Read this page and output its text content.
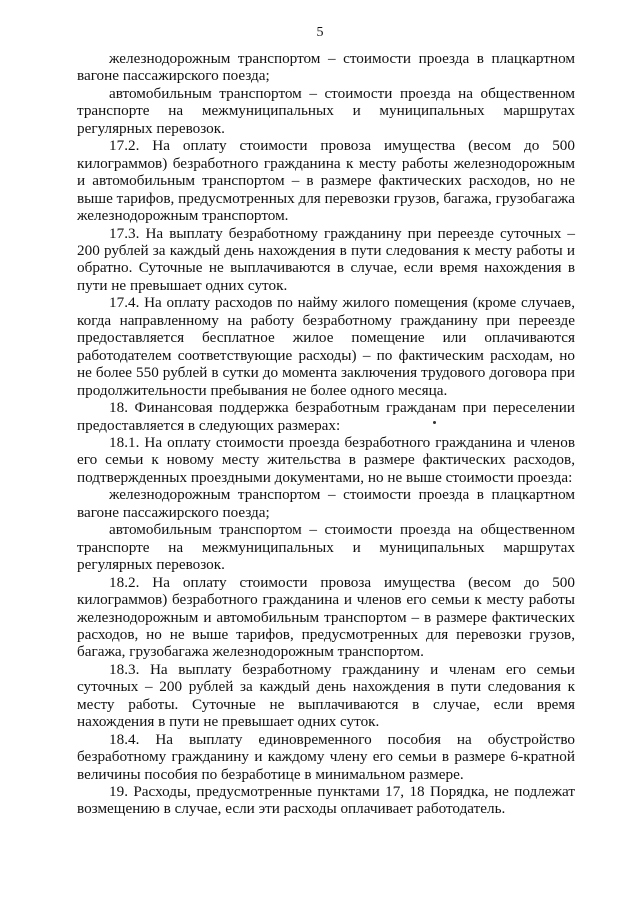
5

железнодорожным транспортом – стоимости проезда в плацкартном вагоне пассажирского поезда;

автомобильным транспортом – стоимости проезда на общественном транспорте на межмуниципальных и муниципальных маршрутах регулярных перевозок.

17.2. На оплату стоимости провоза имущества (весом до 500 килограммов) безработного гражданина к месту работы железнодорожным и автомобильным транспортом – в размере фактических расходов, но не выше тарифов, предусмотренных для перевозки грузов, багажа, грузобагажа железнодорожным транспортом.

17.3. На выплату безработному гражданину при переезде суточных – 200 рублей за каждый день нахождения в пути следования к месту работы и обратно. Суточные не выплачиваются в случае, если время нахождения в пути не превышает одних суток.

17.4. На оплату расходов по найму жилого помещения (кроме случаев, когда направленному на работу безработному гражданину при переезде предоставляется бесплатное жилое помещение или оплачиваются работодателем соответствующие расходы) – по фактическим расходам, но не более 550 рублей в сутки до момента заключения трудового договора при продолжительности пребывания не более одного месяца.

18. Финансовая поддержка безработным гражданам при переселении предоставляется в следующих размерах:

18.1. На оплату стоимости проезда безработного гражданина и членов его семьи к новому месту жительства в размере фактических расходов, подтвержденных проездными документами, но не выше стоимости проезда:

железнодорожным транспортом – стоимости проезда в плацкартном вагоне пассажирского поезда;

автомобильным транспортом – стоимости проезда на общественном транспорте на межмуниципальных и муниципальных маршрутах регулярных перевозок.

18.2. На оплату стоимости провоза имущества (весом до 500 килограммов) безработного гражданина и членов его семьи к месту работы железнодорожным и автомобильным транспортом – в размере фактических расходов, но не выше тарифов, предусмотренных для перевозки грузов, багажа, грузобагажа железнодорожным транспортом.

18.3. На выплату безработному гражданину и членам его семьи суточных – 200 рублей за каждый день нахождения в пути следования к месту работы. Суточные не выплачиваются в случае, если время нахождения в пути не превышает одних суток.

18.4. На выплату единовременного пособия на обустройство безработному гражданину и каждому члену его семьи в размере 6-кратной величины пособия по безработице в минимальном размере.

19. Расходы, предусмотренные пунктами 17, 18 Порядка, не подлежат возмещению в случае, если эти расходы оплачивает работодатель.
